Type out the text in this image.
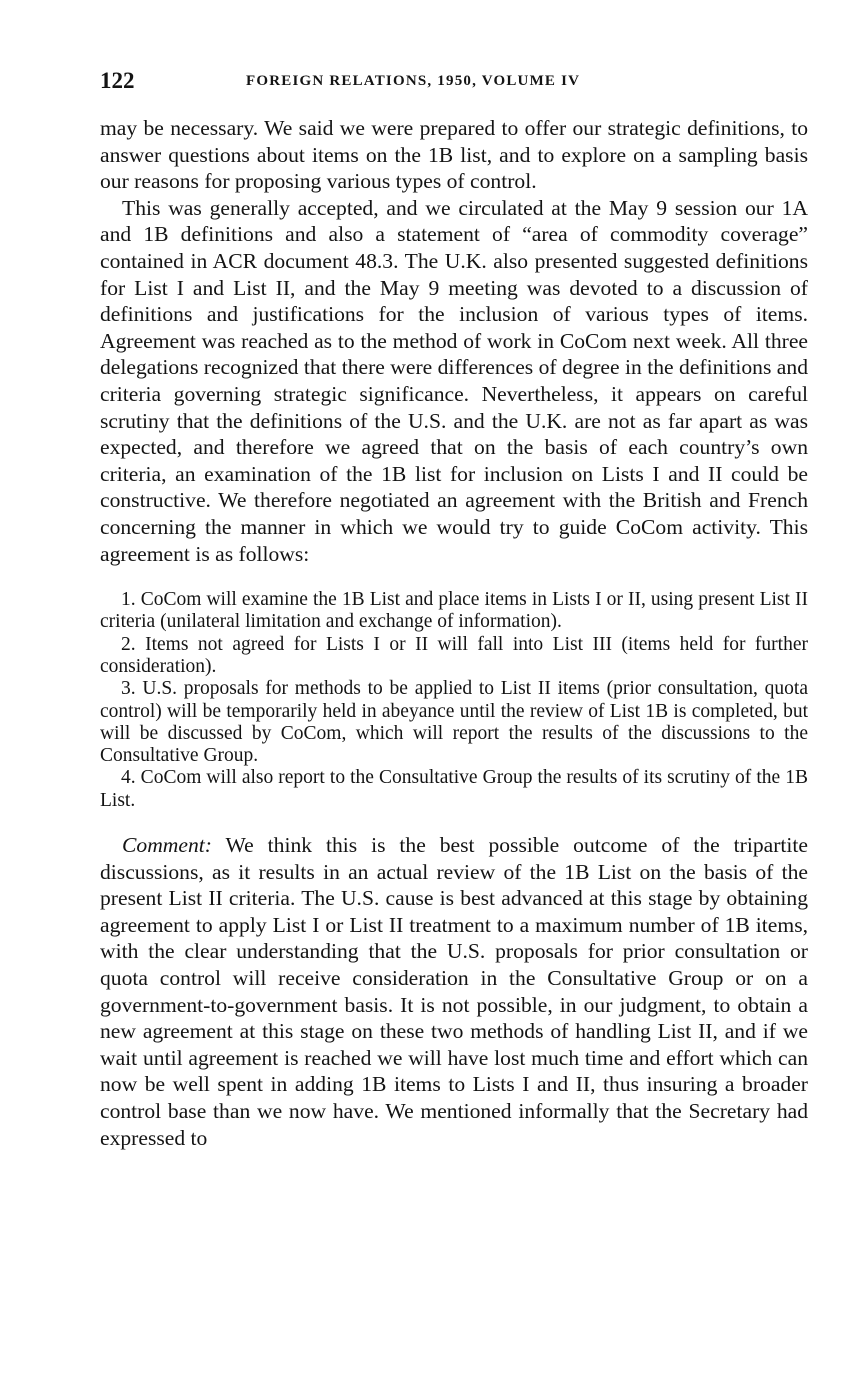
122	FOREIGN RELATIONS, 1950, VOLUME IV

may be necessary. We said we were prepared to offer our strategic definitions, to answer questions about items on the 1B list, and to explore on a sampling basis our reasons for proposing various types of control.

This was generally accepted, and we circulated at the May 9 session our 1A and 1B definitions and also a statement of “area of commodity coverage” contained in ACR document 48.3. The U.K. also presented suggested definitions for List I and List II, and the May 9 meeting was devoted to a discussion of definitions and justifications for the inclusion of various types of items. Agreement was reached as to the method of work in CoCom next week. All three delegations recognized that there were differences of degree in the definitions and criteria governing strategic significance. Nevertheless, it appears on careful scrutiny that the definitions of the U.S. and the U.K. are not as far apart as was expected, and therefore we agreed that on the basis of each country’s own criteria, an examination of the 1B list for inclusion on Lists I and II could be constructive. We therefore negotiated an agreement with the British and French concerning the manner in which we would try to guide CoCom activity. This agreement is as follows:

1. CoCom will examine the 1B List and place items in Lists I or II, using present List II criteria (unilateral limitation and exchange of information).
2. Items not agreed for Lists I or II will fall into List III (items held for further consideration).
3. U.S. proposals for methods to be applied to List II items (prior consultation, quota control) will be temporarily held in abeyance until the review of List 1B is completed, but will be discussed by CoCom, which will report the results of the discussions to the Consultative Group.
4. CoCom will also report to the Consultative Group the results of its scrutiny of the 1B List.

Comment: We think this is the best possible outcome of the tripartite discussions, as it results in an actual review of the 1B List on the basis of the present List II criteria. The U.S. cause is best advanced at this stage by obtaining agreement to apply List I or List II treatment to a maximum number of 1B items, with the clear understanding that the U.S. proposals for prior consultation or quota control will receive consideration in the Consultative Group or on a government-to-government basis. It is not possible, in our judgment, to obtain a new agreement at this stage on these two methods of handling List II, and if we wait until agreement is reached we will have lost much time and effort which can now be well spent in adding 1B items to Lists I and II, thus insuring a broader control base than we now have. We mentioned informally that the Secretary had expressed to
